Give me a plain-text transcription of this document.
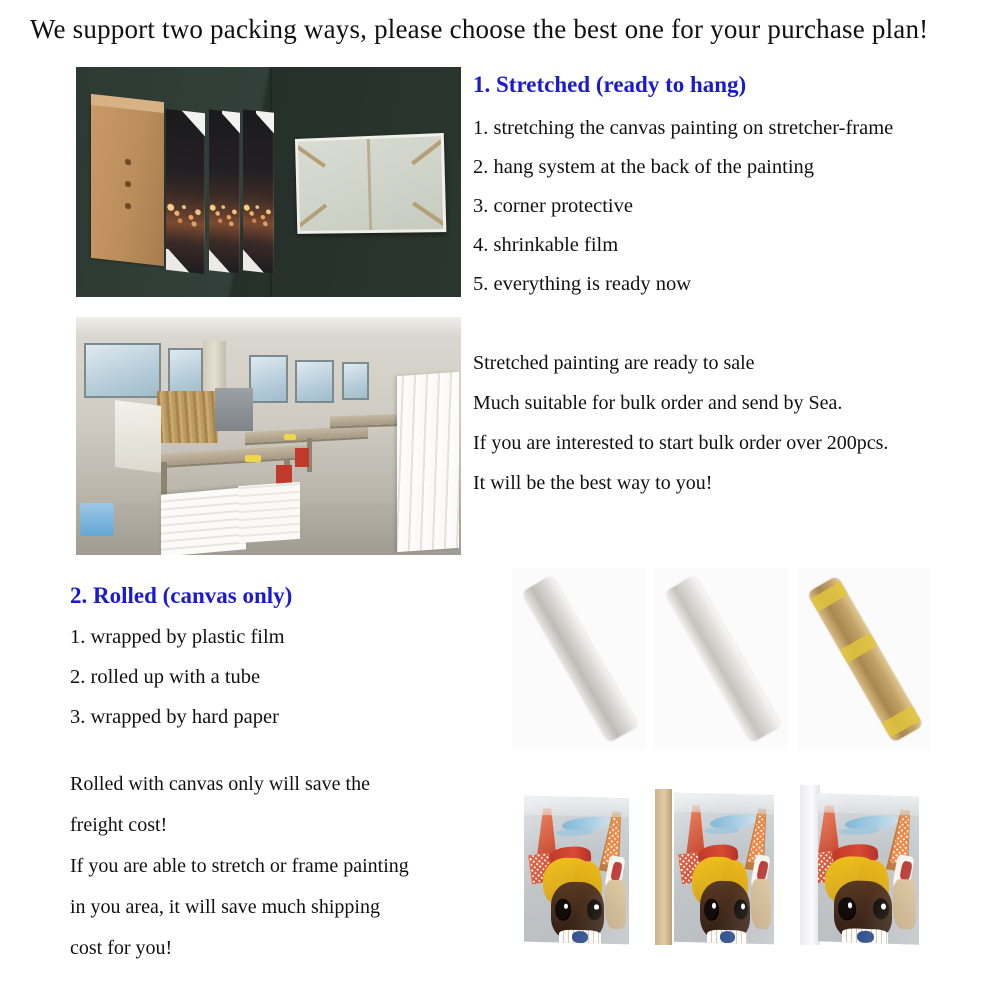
We support two packing ways, please choose the best one for your purchase plan!
1. Stretched (ready to hang)
1. stretching the canvas painting on stretcher-frame
2. hang system at the back of the painting
3. corner protective
4. shrinkable film
5. everything is ready now
Stretched painting are ready to sale
Much suitable for bulk order and send by Sea.
If you are interested to start bulk order over 200pcs.
It will be the best way to you!
2. Rolled (canvas only)
1. wrapped by plastic film
2. rolled up with a tube
3. wrapped by hard paper
Rolled with canvas only will save the
freight cost!
If you are able to stretch or frame painting
in you area, it will save much shipping
cost for you!
